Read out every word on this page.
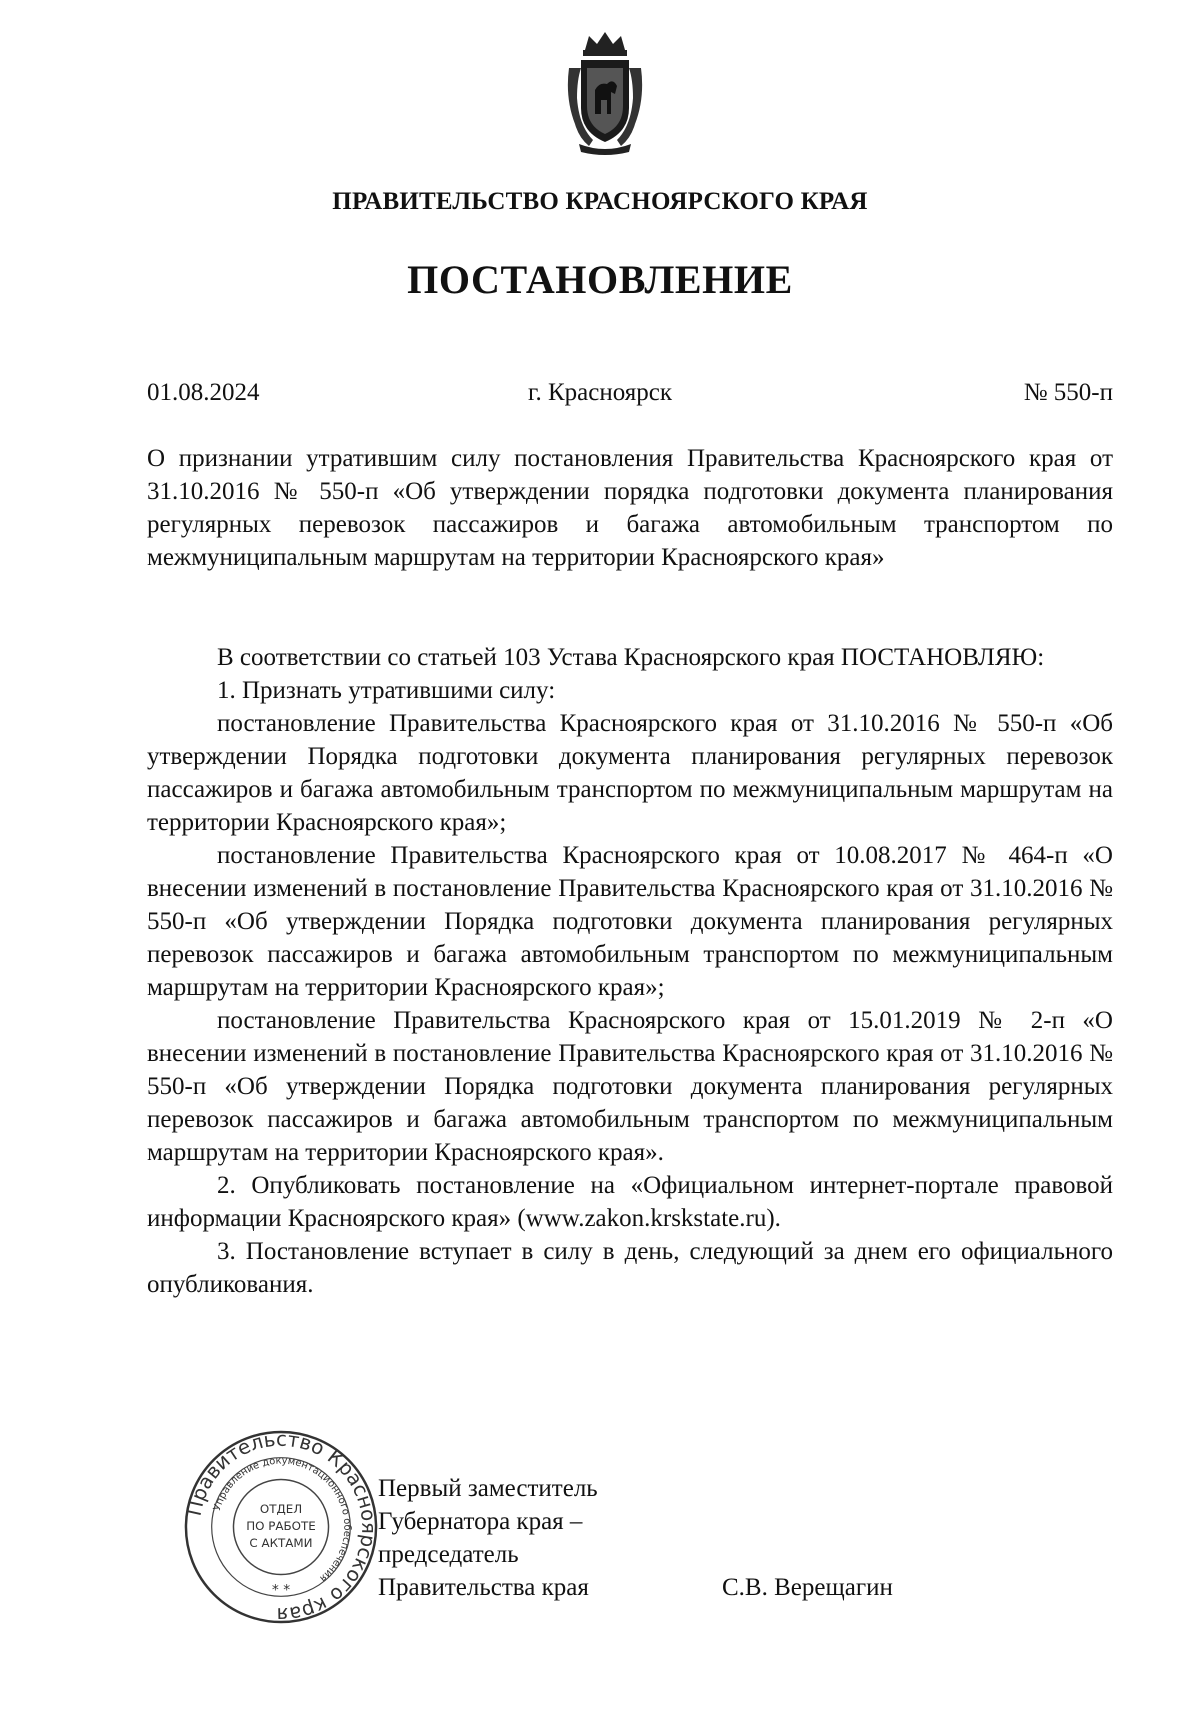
ПРАВИТЕЛЬСТВО КРАСНОЯРСКОГО КРАЯ
ПОСТАНОВЛЕНИЕ
01.08.2024	г. Красноярск	№ 550-п

О признании утратившим силу постановления Правительства Красноярского края от 31.10.2016 № 550-п «Об утверждении порядка подготовки документа планирования регулярных перевозок пассажиров и багажа автомобильным транспортом по межмуниципальным маршрутам на территории Красноярского края»

В соответствии со статьей 103 Устава Красноярского края ПОСТАНОВЛЯЮ:

1. Признать утратившими силу:

постановление Правительства Красноярского края от 31.10.2016 № 550-п «Об утверждении Порядка подготовки документа планирования регулярных перевозок пассажиров и багажа автомобильным транспортом по межмуниципальным маршрутам на территории Красноярского края»;

постановление Правительства Красноярского края от 10.08.2017 № 464-п «О внесении изменений в постановление Правительства Красноярского края от 31.10.2016 № 550-п «Об утверждении Порядка подготовки документа планирования регулярных перевозок пассажиров и багажа автомобильным транспортом по межмуниципальным маршрутам на территории Красноярского края»;

постановление Правительства Красноярского края от 15.01.2019 № 2-п «О внесении изменений в постановление Правительства Красноярского края от 31.10.2016 № 550-п «Об утверждении Порядка подготовки документа планирования регулярных перевозок пассажиров и багажа автомобильным транспортом по межмуниципальным маршрутам на территории Красноярского края».

2. Опубликовать постановление на «Официальном интернет-портале правовой информации Красноярского края» (www.zakon.krskstate.ru).

3. Постановление вступает в силу в день, следующий за днем его официального опубликования.

Правительство Красноярского края
Управление документационного обеспечения
ОТДЕЛ
ПО РАБОТЕ
С АКТАМИ
* *
Первый заместитель
Губернатора края –
председатель
Правительства края	С.В. Верещагин
